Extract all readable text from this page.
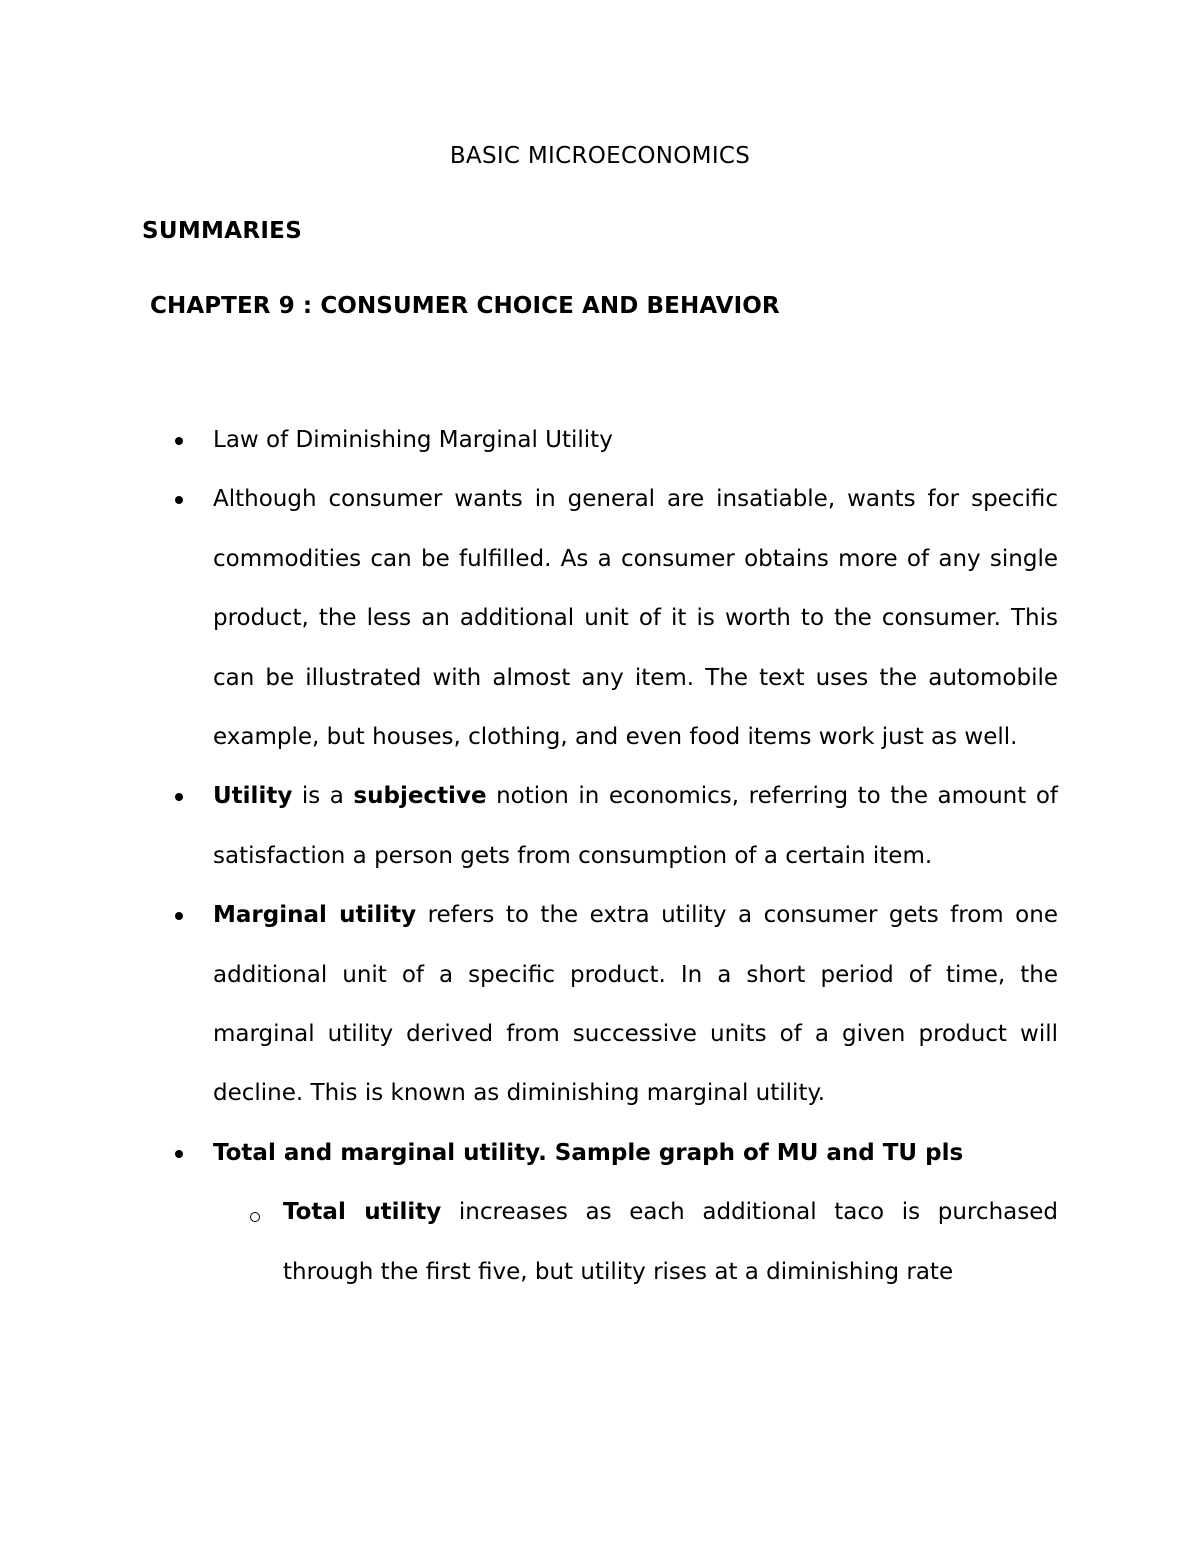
BASIC MICROECONOMICS
SUMMARIES
CHAPTER 9 : CONSUMER CHOICE AND BEHAVIOR
Law of Diminishing Marginal Utility
Although consumer wants in general are insatiable, wants for specific commodities can be fulfilled. As a consumer obtains more of any single product, the less an additional unit of it is worth to the consumer. This can be illustrated with almost any item. The text uses the automobile example, but houses, clothing, and even food items work just as well.
Utility is a subjective notion in economics, referring to the amount of satisfaction a person gets from consumption of a certain item.
Marginal utility refers to the extra utility a consumer gets from one additional unit of a specific product. In a short period of time, the marginal utility derived from successive units of a given product will decline. This is known as diminishing marginal utility.
Total and marginal utility. Sample graph of MU and TU pls
Total utility increases as each additional taco is purchased through the first five, but utility rises at a diminishing rate
